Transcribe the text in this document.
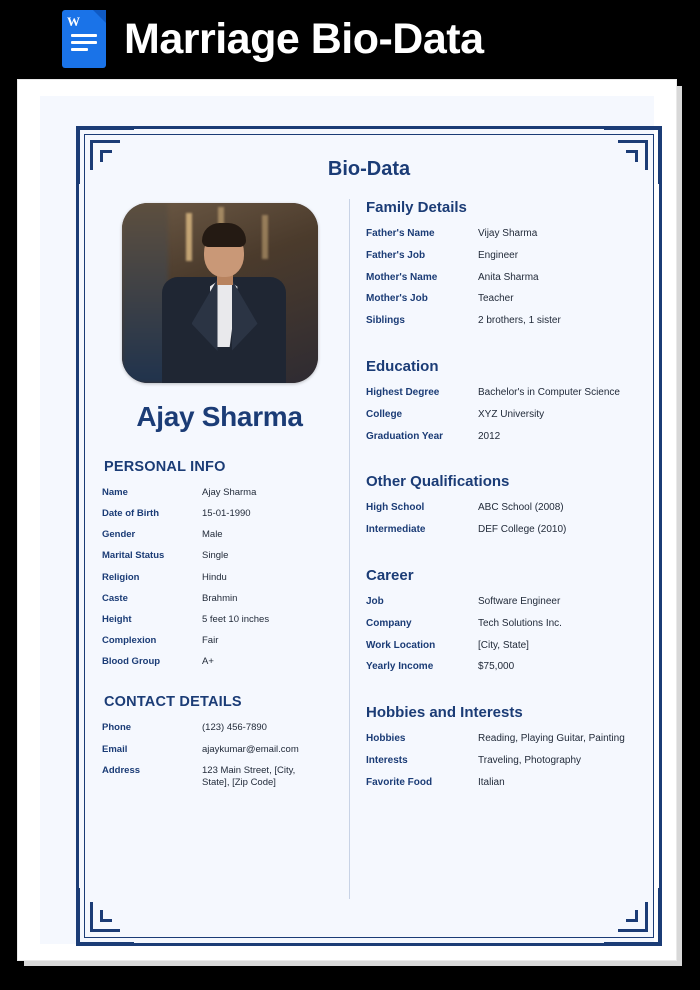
W Marriage Bio-Data
Bio-Data
Ajay Sharma
PERSONAL INFO
Name	Ajay Sharma
Date of Birth	15-01-1990
Gender	Male
Marital Status	Single
Religion	Hindu
Caste	Brahmin
Height	5 feet 10 inches
Complexion	Fair
Blood Group	A+
CONTACT DETAILS
Phone	(123) 456-7890
Email	ajaykumar@email.com
Address	123 Main Street, [City, State], [Zip Code]
Family Details
Father's Name	Vijay Sharma
Father's Job	Engineer
Mother's Name	Anita Sharma
Mother's Job	Teacher
Siblings	2 brothers, 1 sister
Education
Highest Degree	Bachelor's in Computer Science
College	XYZ University
Graduation Year	2012
Other Qualifications
High School	ABC School (2008)
Intermediate	DEF College (2010)
Career
Job	Software Engineer
Company	Tech Solutions Inc.
Work Location	[City, State]
Yearly Income	$75,000
Hobbies and Interests
Hobbies	Reading, Playing Guitar, Painting
Interests	Traveling, Photography
Favorite Food	Italian
